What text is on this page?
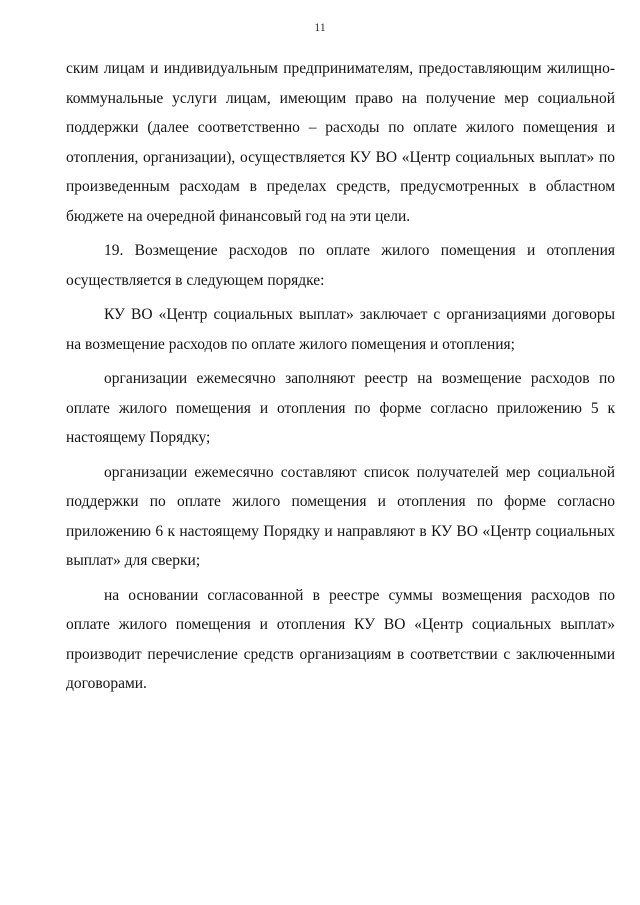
11

ским лицам и индивидуальным предпринимателям, предоставляющим жилищно-коммунальные услуги лицам, имеющим право на получение мер социальной поддержки (далее соответственно – расходы по оплате жилого помещения и отопления, организации), осуществляется КУ ВО «Центр социальных выплат» по произведенным расходам в пределах средств, предусмотренных в областном бюджете на очередной финансовый год на эти цели.

19. Возмещение расходов по оплате жилого помещения и отопления осуществляется в следующем порядке:

КУ ВО «Центр социальных выплат» заключает с организациями договоры на возмещение расходов по оплате жилого помещения и отопления;

организации ежемесячно заполняют реестр на возмещение расходов по оплате жилого помещения и отопления по форме согласно приложению 5 к настоящему Порядку;

организации ежемесячно составляют список получателей мер социальной поддержки по оплате жилого помещения и отопления по форме согласно приложению 6 к настоящему Порядку и направляют в КУ ВО «Центр социальных выплат» для сверки;

на основании согласованной в реестре суммы возмещения расходов по оплате жилого помещения и отопления КУ ВО «Центр социальных выплат» производит перечисление средств организациям в соответствии с заключенными договорами.
